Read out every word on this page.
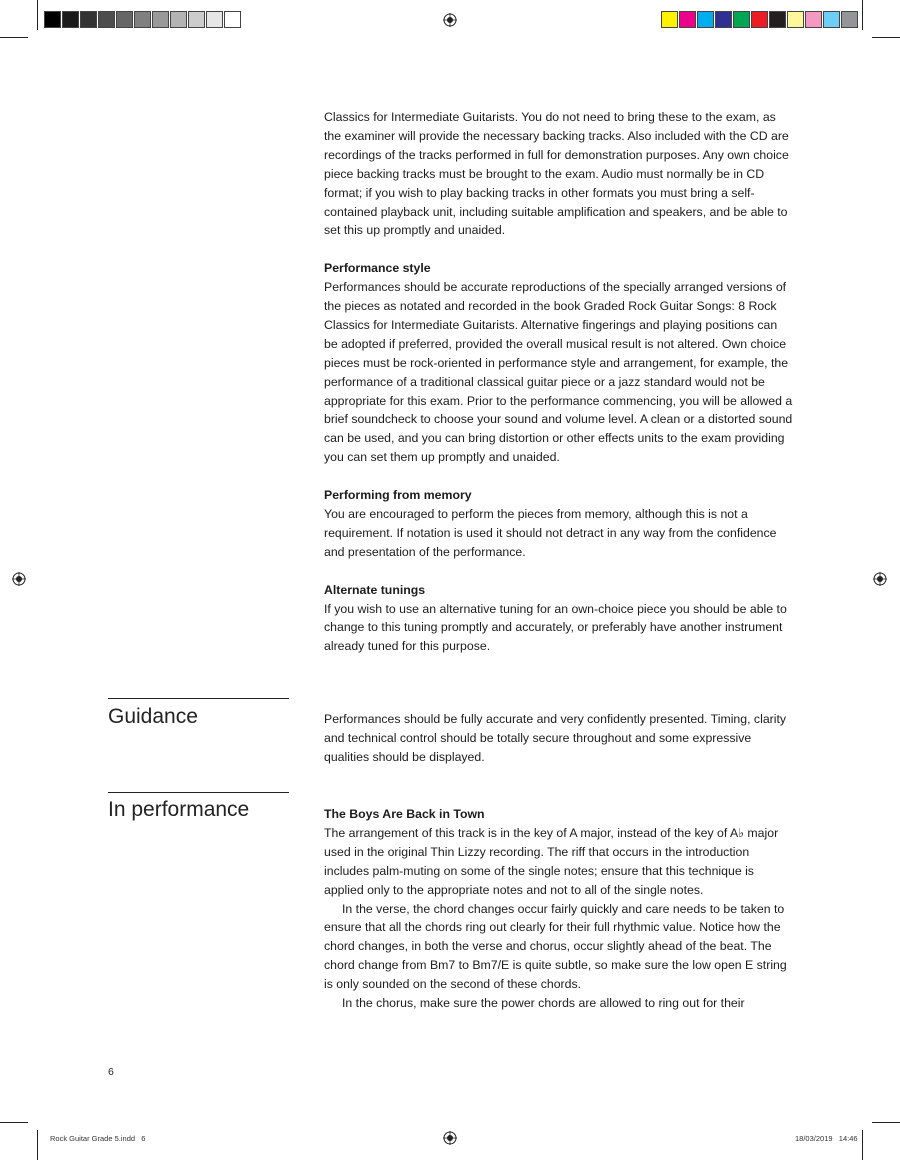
Classics for Intermediate Guitarists. You do not need to bring these to the exam, as the examiner will provide the necessary backing tracks. Also included with the CD are recordings of the tracks performed in full for demonstration purposes. Any own choice piece backing tracks must be brought to the exam. Audio must normally be in CD format; if you wish to play backing tracks in other formats you must bring a self-contained playback unit, including suitable amplification and speakers, and be able to set this up promptly and unaided.

Performance style

Performances should be accurate reproductions of the specially arranged versions of the pieces as notated and recorded in the book Graded Rock Guitar Songs: 8 Rock Classics for Intermediate Guitarists. Alternative fingerings and playing positions can be adopted if preferred, provided the overall musical result is not altered. Own choice pieces must be rock-oriented in performance style and arrangement, for example, the performance of a traditional classical guitar piece or a jazz standard would not be appropriate for this exam. Prior to the performance commencing, you will be allowed a brief soundcheck to choose your sound and volume level. A clean or a distorted sound can be used, and you can bring distortion or other effects units to the exam providing you can set them up promptly and unaided.

Performing from memory

You are encouraged to perform the pieces from memory, although this is not a requirement. If notation is used it should not detract in any way from the confidence and presentation of the performance.

Alternate tunings

If you wish to use an alternative tuning for an own-choice piece you should be able to change to this tuning promptly and accurately, or preferably have another instrument already tuned for this purpose.

Guidance	Performances should be fully accurate and very confidently presented. Timing, clarity and technical control should be totally secure throughout and some expressive qualities should be displayed.

In performance	The Boys Are Back in Town

The arrangement of this track is in the key of A major, instead of the key of A♭ major used in the original Thin Lizzy recording. The riff that occurs in the introduction includes palm-muting on some of the single notes; ensure that this technique is applied only to the appropriate notes and not to all of the single notes.

In the verse, the chord changes occur fairly quickly and care needs to be taken to ensure that all the chords ring out clearly for their full rhythmic value. Notice how the chord changes, in both the verse and chorus, occur slightly ahead of the beat. The chord change from Bm7 to Bm7/E is quite subtle, so make sure the low open E string is only sounded on the second of these chords.

In the chorus, make sure the power chords are allowed to ring out for their

6
Rock Guitar Grade 5.indd   6	18/03/2019   14:46
